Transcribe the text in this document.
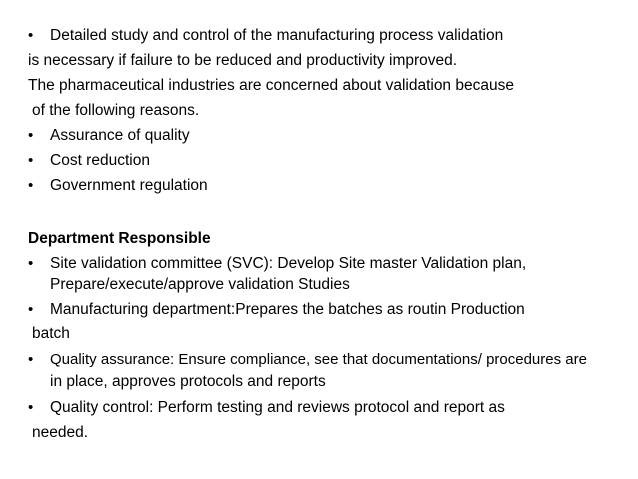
• Detailed study and control of the manufacturing process validation
is necessary if failure to be reduced and productivity improved.
The pharmaceutical industries are concerned about validation because
of the following reasons.
• Assurance of quality
• Cost reduction
• Government regulation
Department Responsible
• Site validation committee (SVC): Develop Site master Validation plan,
Prepare/execute/approve validation Studies
• Manufacturing department:Prepares the batches as routin Production
batch
• Quality assurance: Ensure compliance, see that documentations/ procedures are
in place, approves protocols and reports
• Quality control: Perform testing and reviews protocol and report as
needed.
